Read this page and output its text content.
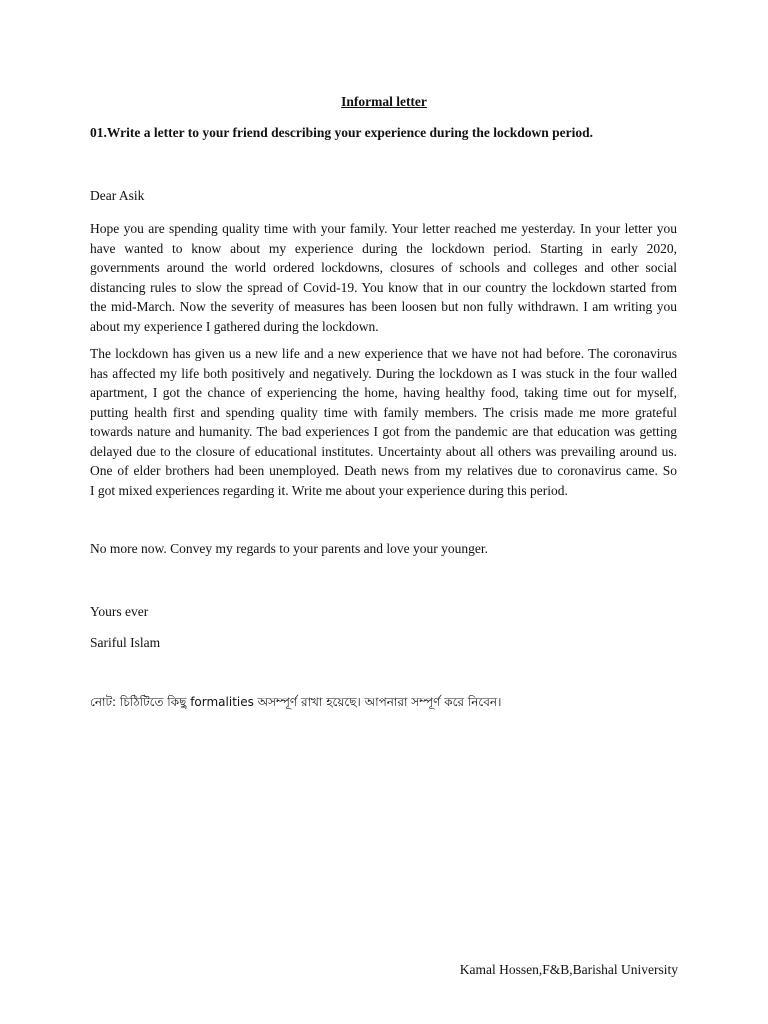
Informal letter
01.Write a letter to your friend describing your experience during the lockdown period.
Dear Asik
Hope you are spending quality time with your family. Your letter reached me yesterday. In your letter you
have wanted to know about my experience during the lockdown period. Starting in early 2020,
governments around the world ordered lockdowns, closures of schools and colleges and other social
distancing rules to slow the spread of Covid-19. You know that in our country the lockdown started from
the mid-March. Now the severity of measures has been loosen but non fully withdrawn. I am writing you
about my experience I gathered during the lockdown.
The lockdown has given us a new life and a new experience that we have not had before. The coronavirus
has affected my life both positively and negatively. During the lockdown as I was stuck in the four walled
apartment, I got the chance of experiencing the home, having healthy food, taking time out for myself,
putting health first and spending quality time with family members. The crisis made me more grateful
towards nature and humanity. The bad experiences I got from the pandemic are that education was getting
delayed due to the closure of educational institutes. Uncertainty about all others was prevailing around us.
One of elder brothers had been unemployed. Death news from my relatives due to coronavirus came. So
I got mixed experiences regarding it. Write me about your experience during this period.
No more now. Convey my regards to your parents and love your younger.
Yours ever
Sariful Islam
নোট: চিঠিটিতে কিছু formalities অসম্পূর্ণ রাখা হয়েছে। আপনারা সম্পূর্ণ করে নিবেন।
Kamal Hossen,F&B,Barishal University
